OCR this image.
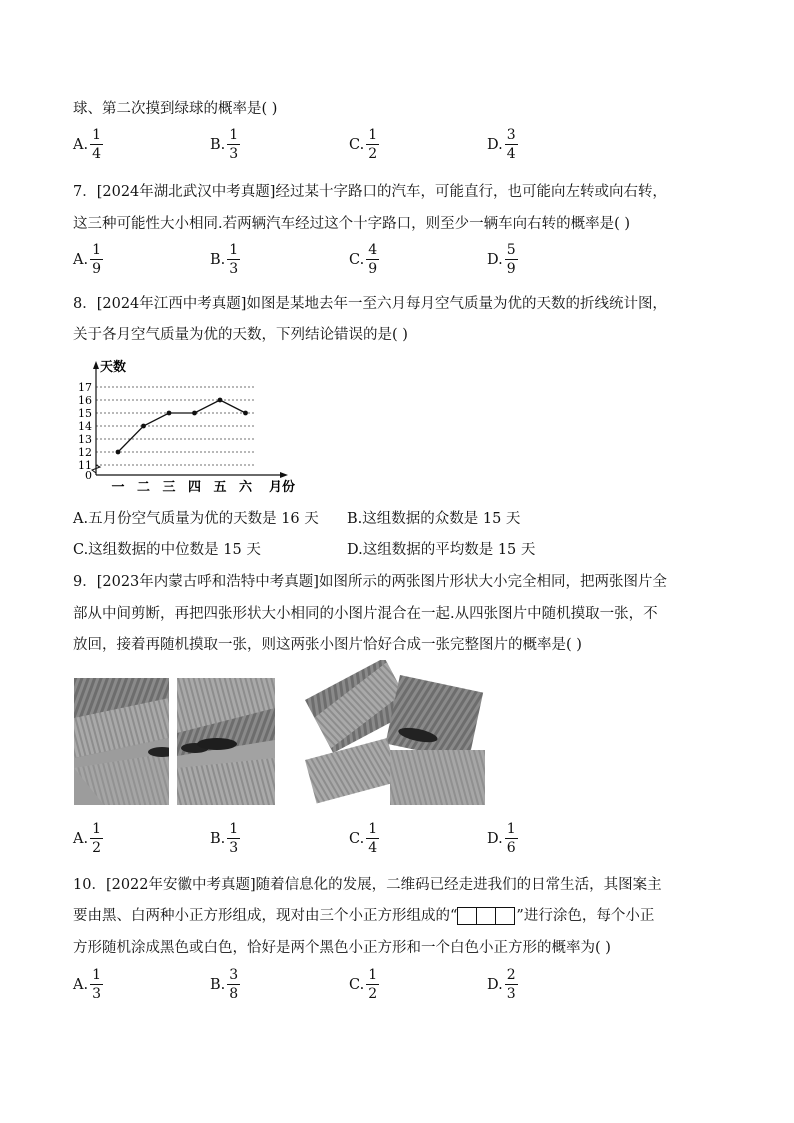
球、第二次摸到绿球的概率是( )
A. $\frac{1}{4}$	B. $\frac{1}{3}$	C. $\frac{1}{2}$	D. $\frac{3}{4}$
7．[2024年湖北武汉中考真题]经过某十字路口的汽车，可能直行，也可能向左转或向右转，
这三种可能性大小相同.若两辆汽车经过这个十字路口，则至少一辆车向右转的概率是( )
A. $\frac{1}{9}$	B. $\frac{1}{3}$	C. $\frac{4}{9}$	D. $\frac{5}{9}$
8．[2024年江西中考真题]如图是某地去年一至六月每月空气质量为优的天数的折线统计图，
关于各月空气质量为优的天数，下列结论错误的是( )
0
11
12
13
14
15
16
17
天数
一 二 三 四 五 六 月份
A.五月份空气质量为优的天数是 16 天 B.这组数据的众数是 15 天
C.这组数据的中位数是 15 天	D.这组数据的平均数是 15 天
9．[2023年内蒙古呼和浩特中考真题]如图所示的两张图片形状大小完全相同，把两张图片全
部从中间剪断，再把四张形状大小相同的小图片混合在一起.从四张图片中随机摸取一张，不
放回，接着再随机摸取一张，则这两张小图片恰好合成一张完整图片的概率是( )
A. $\frac{1}{2}$	B. $\frac{1}{3}$	C. $\frac{1}{4}$	D. $\frac{1}{6}$
10．[2022年安徽中考真题]随着信息化的发展，二维码已经走进我们的日常生活，其图案主
要由黑、白两种小正方形组成，现对由三个小正方形组成的“	”进行涂色，每个小正
方形随机涂成黑色或白色，恰好是两个黑色小正方形和一个白色小正方形的概率为( )
A. $\frac{1}{3}$	B. $\frac{3}{8}$	C. $\frac{1}{2}$	D. $\frac{2}{3}$
